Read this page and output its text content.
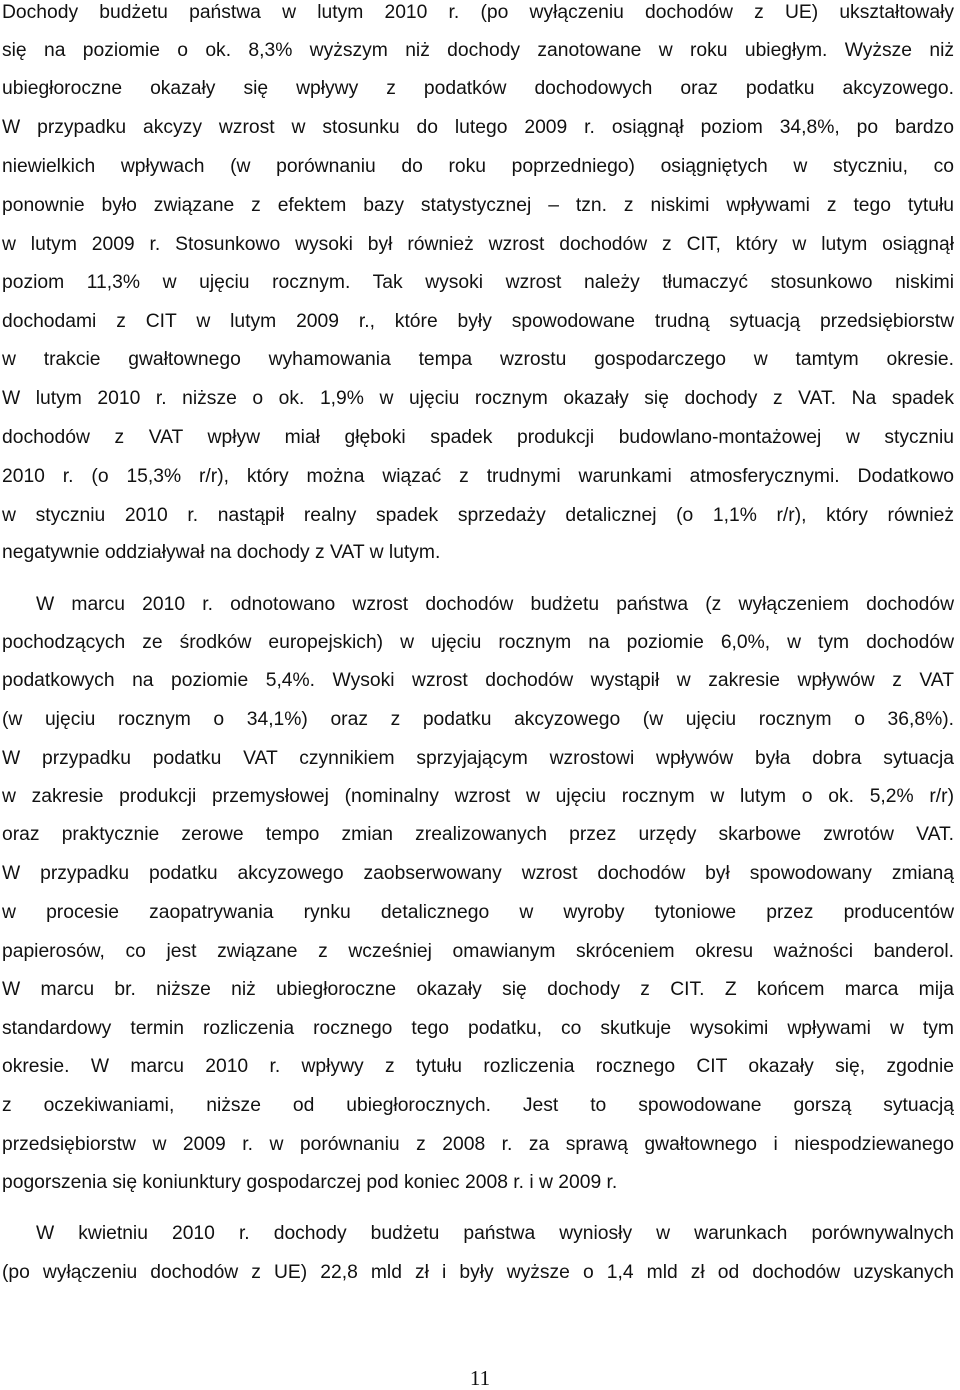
Dochody budżetu państwa w lutym 2010 r. (po wyłączeniu dochodów z UE) ukształtowały
się na poziomie o ok. 8,3% wyższym niż dochody zanotowane w roku ubiegłym. Wyższe niż
ubiegłoroczne okazały się wpływy z podatków dochodowych oraz podatku akcyzowego.
W przypadku akcyzy wzrost w stosunku do lutego 2009 r. osiągnął poziom 34,8%, po bardzo
niewielkich wpływach (w porównaniu do roku poprzedniego) osiągniętych w styczniu, co
ponownie było związane z efektem bazy statystycznej – tzn. z niskimi wpływami z tego tytułu
w lutym 2009 r. Stosunkowo wysoki był również wzrost dochodów z CIT, który w lutym osiągnął
poziom 11,3% w ujęciu rocznym. Tak wysoki wzrost należy tłumaczyć stosunkowo niskimi
dochodami z CIT w lutym 2009 r., które były spowodowane trudną sytuacją przedsiębiorstw
w trakcie gwałtownego wyhamowania tempa wzrostu gospodarczego w tamtym okresie.
W lutym 2010 r. niższe o ok. 1,9% w ujęciu rocznym okazały się dochody z VAT. Na spadek
dochodów z VAT wpływ miał głęboki spadek produkcji budowlano-montażowej w styczniu
2010 r. (o 15,3% r/r), który można wiązać z trudnymi warunkami atmosferycznymi. Dodatkowo
w styczniu 2010 r. nastąpił realny spadek sprzedaży detalicznej (o 1,1% r/r), który również
negatywnie oddziaływał na dochody z VAT w lutym.
W marcu 2010 r. odnotowano wzrost dochodów budżetu państwa (z wyłączeniem dochodów
pochodzących ze środków europejskich) w ujęciu rocznym na poziomie 6,0%, w tym dochodów
podatkowych na poziomie 5,4%. Wysoki wzrost dochodów wystąpił w zakresie wpływów z VAT
(w ujęciu rocznym o 34,1%) oraz z podatku akcyzowego (w ujęciu rocznym o 36,8%).
W przypadku podatku VAT czynnikiem sprzyjającym wzrostowi wpływów była dobra sytuacja
w zakresie produkcji przemysłowej (nominalny wzrost w ujęciu rocznym w lutym o ok. 5,2% r/r)
oraz praktycznie zerowe tempo zmian zrealizowanych przez urzędy skarbowe zwrotów VAT.
W przypadku podatku akcyzowego zaobserwowany wzrost dochodów był spowodowany zmianą
w procesie zaopatrywania rynku detalicznego w wyroby tytoniowe przez producentów
papierosów, co jest związane z wcześniej omawianym skróceniem okresu ważności banderol.
W marcu br. niższe niż ubiegłoroczne okazały się dochody z CIT. Z końcem marca mija
standardowy termin rozliczenia rocznego tego podatku, co skutkuje wysokimi wpływami w tym
okresie. W marcu 2010 r. wpływy z tytułu rozliczenia rocznego CIT okazały się, zgodnie
z oczekiwaniami, niższe od ubiegłorocznych. Jest to spowodowane gorszą sytuacją
przedsiębiorstw w 2009 r. w porównaniu z 2008 r. za sprawą gwałtownego i niespodziewanego
pogorszenia się koniunktury gospodarczej pod koniec 2008 r. i w 2009 r.
W kwietniu 2010 r. dochody budżetu państwa wyniosły w warunkach porównywalnych
(po wyłączeniu dochodów z UE) 22,8 mld zł i były wyższe o 1,4 mld zł od dochodów uzyskanych
11
